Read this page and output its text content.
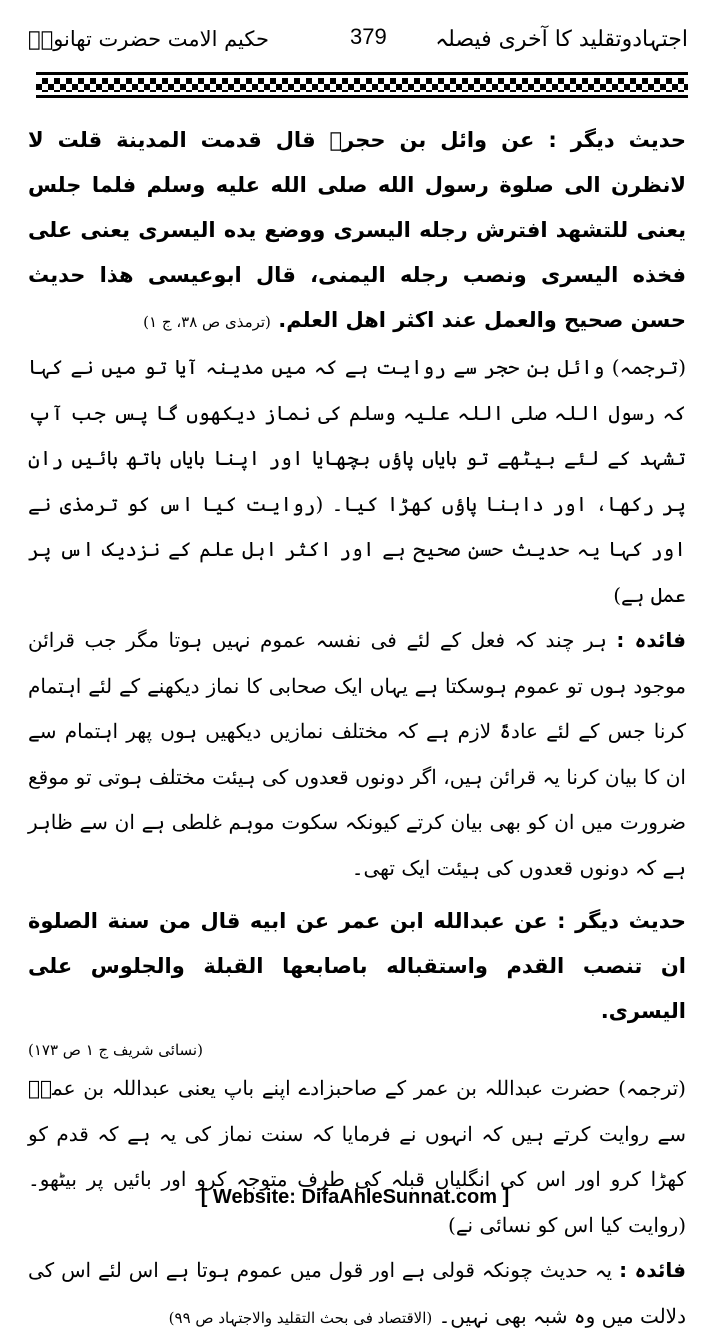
حکیم الامت حضرت تھانویؒ	379 اجتہادوتقلید کا آخری فیصلہ

حدیث دیگر : عن وائل بن حجرؓ قال قدمت المدینة قلت لا لانظرن الی صلوة رسول الله صلی الله علیه وسلم فلما جلس یعنی للتشهد افترش رجله الیسری ووضع یده الیسری یعنی علی فخذه الیسری ونصب رجله الیمنی، قال ابوعیسی هذا حدیث حسن صحیح والعمل عند اکثر اهل العلم. (ترمذی ص ۳۸، ج ۱)

(ترجمہ) وائل بن حجر سے روایت ہے کہ میں مدینہ آیا تو میں نے کہا کہ رسول اللہ صلی اللہ علیہ وسلم کی نماز دیکھوں گا پس جب آپ تشہد کے لئے بیٹھے تو بایاں پاؤں بچھایا اور اپنا بایاں ہاتھ بائیں ران پر رکھا، اور داہنا پاؤں کھڑا کیا۔ (روایت کیا اس کو ترمذی نے اور کہا یہ حدیث حسن صحیح ہے اور اکثر اہل علم کے نزدیک اس پر عمل ہے)

فائدہ : ہر چند کہ فعل کے لئے فی نفسہ عموم نہیں ہوتا مگر جب قرائن موجود ہوں تو عموم ہوسکتا ہے یہاں ایک صحابی کا نماز دیکھنے کے لئے اہتمام کرنا جس کے لئے عادۃً لازم ہے کہ مختلف نمازیں دیکھیں ہوں پھر اہتمام سے ان کا بیان کرنا یہ قرائن ہیں، اگر دونوں قعدوں کی ہیئت مختلف ہوتی تو موقع ضرورت میں ان کو بھی بیان کرتے کیونکہ سکوت موہم غلطی ہے ان سے ظاہر ہے کہ دونوں قعدوں کی ہیئت ایک تھی۔

حدیث دیگر : عن عبدالله ابن عمر عن ابیه قال من سنة الصلوة ان تنصب القدم واستقباله باصابعها القبلة والجلوس علی الیسری.

(نسائی شریف ج ۱ ص ۱۷۳)

(ترجمہ) حضرت عبداللہ بن عمر کے صاحبزادے اپنے باپ یعنی عبداللہ بن عمرؓ سے روایت کرتے ہیں کہ انہوں نے فرمایا کہ سنت نماز کی یہ ہے کہ قدم کو کھڑا کرو اور اس کی انگلیاں قبلہ کی طرف متوجہ کرو اور بائیں پر بیٹھو۔ (روایت کیا اس کو نسائی نے)

فائدہ : یہ حدیث چونکہ قولی ہے اور قول میں عموم ہوتا ہے اس لئے اس کی دلالت میں وہ شبہ بھی نہیں۔ (الاقتصاد فی بحث التقلید والاجتہاد ص ۹۹)

[ Website: DifaAhleSunnat.com ]
